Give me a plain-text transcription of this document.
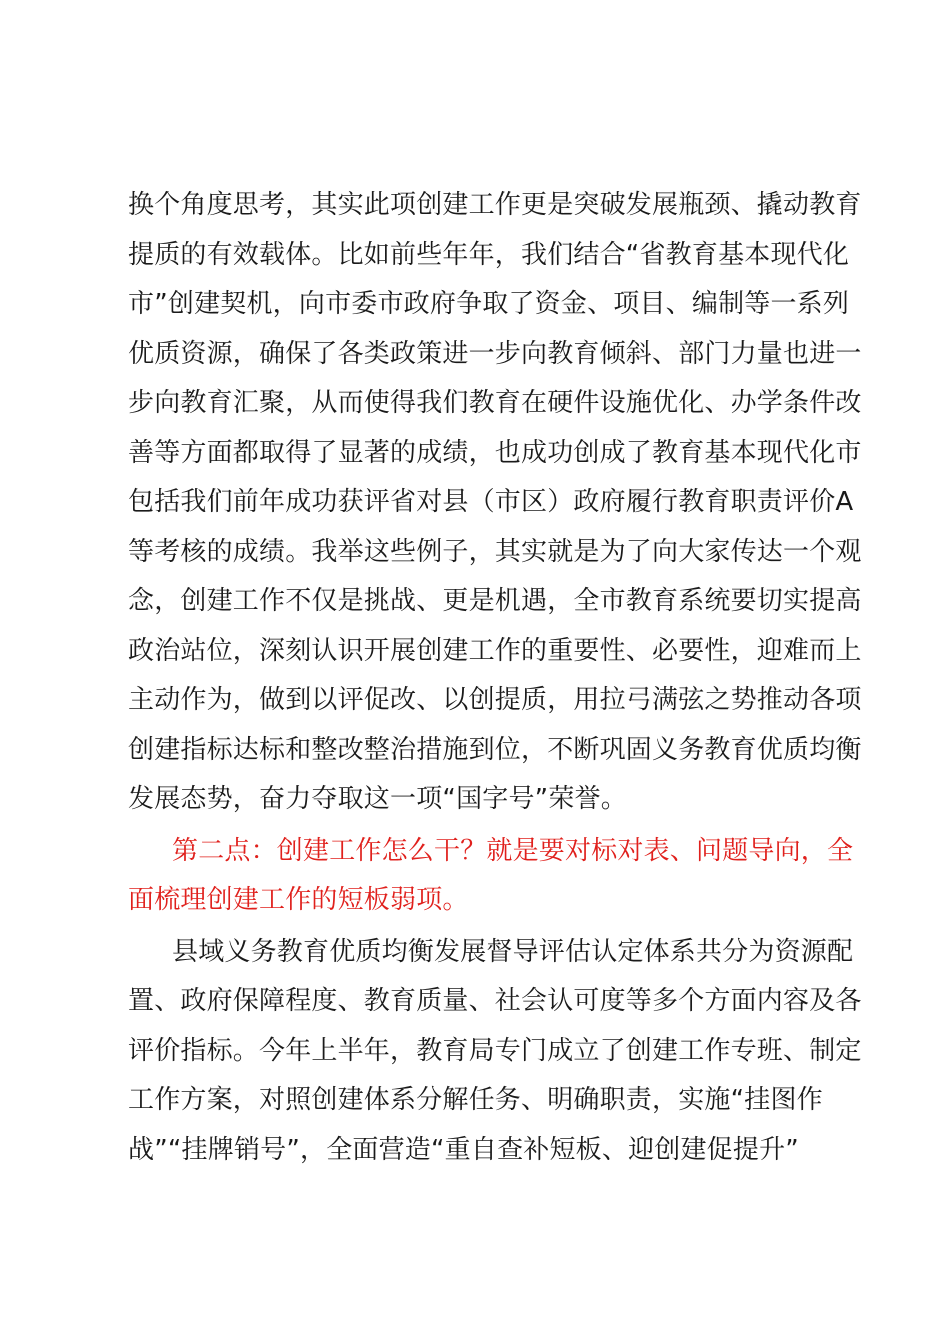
换个角度思考，其实此项创建工作更是突破发展瓶颈、撬动教育
提质的有效载体。比如前些年年，我们结合“省教育基本现代化
市”创建契机，向市委市政府争取了资金、项目、编制等一系列
优质资源，确保了各类政策进一步向教育倾斜、部门力量也进一
步向教育汇聚，从而使得我们教育在硬件设施优化、办学条件改
善等方面都取得了显著的成绩，也成功创成了教育基本现代化市
包括我们前年成功获评省对县（市区）政府履行教育职责评价A
等考核的成绩。我举这些例子，其实就是为了向大家传达一个观
念，创建工作不仅是挑战、更是机遇，全市教育系统要切实提高
政治站位，深刻认识开展创建工作的重要性、必要性，迎难而上
主动作为，做到以评促改、以创提质，用拉弓满弦之势推动各项
创建指标达标和整改整治措施到位，不断巩固义务教育优质均衡
发展态势，奋力夺取这一项“国字号”荣誉。
第二点：创建工作怎么干？就是要对标对表、问题导向，全
面梳理创建工作的短板弱项。
县域义务教育优质均衡发展督导评估认定体系共分为资源配
置、政府保障程度、教育质量、社会认可度等多个方面内容及各
评价指标。今年上半年，教育局专门成立了创建工作专班、制定
工作方案，对照创建体系分解任务、明确职责，实施“挂图作
战”“挂牌销号”，全面营造“重自查补短板、迎创建促提升”
